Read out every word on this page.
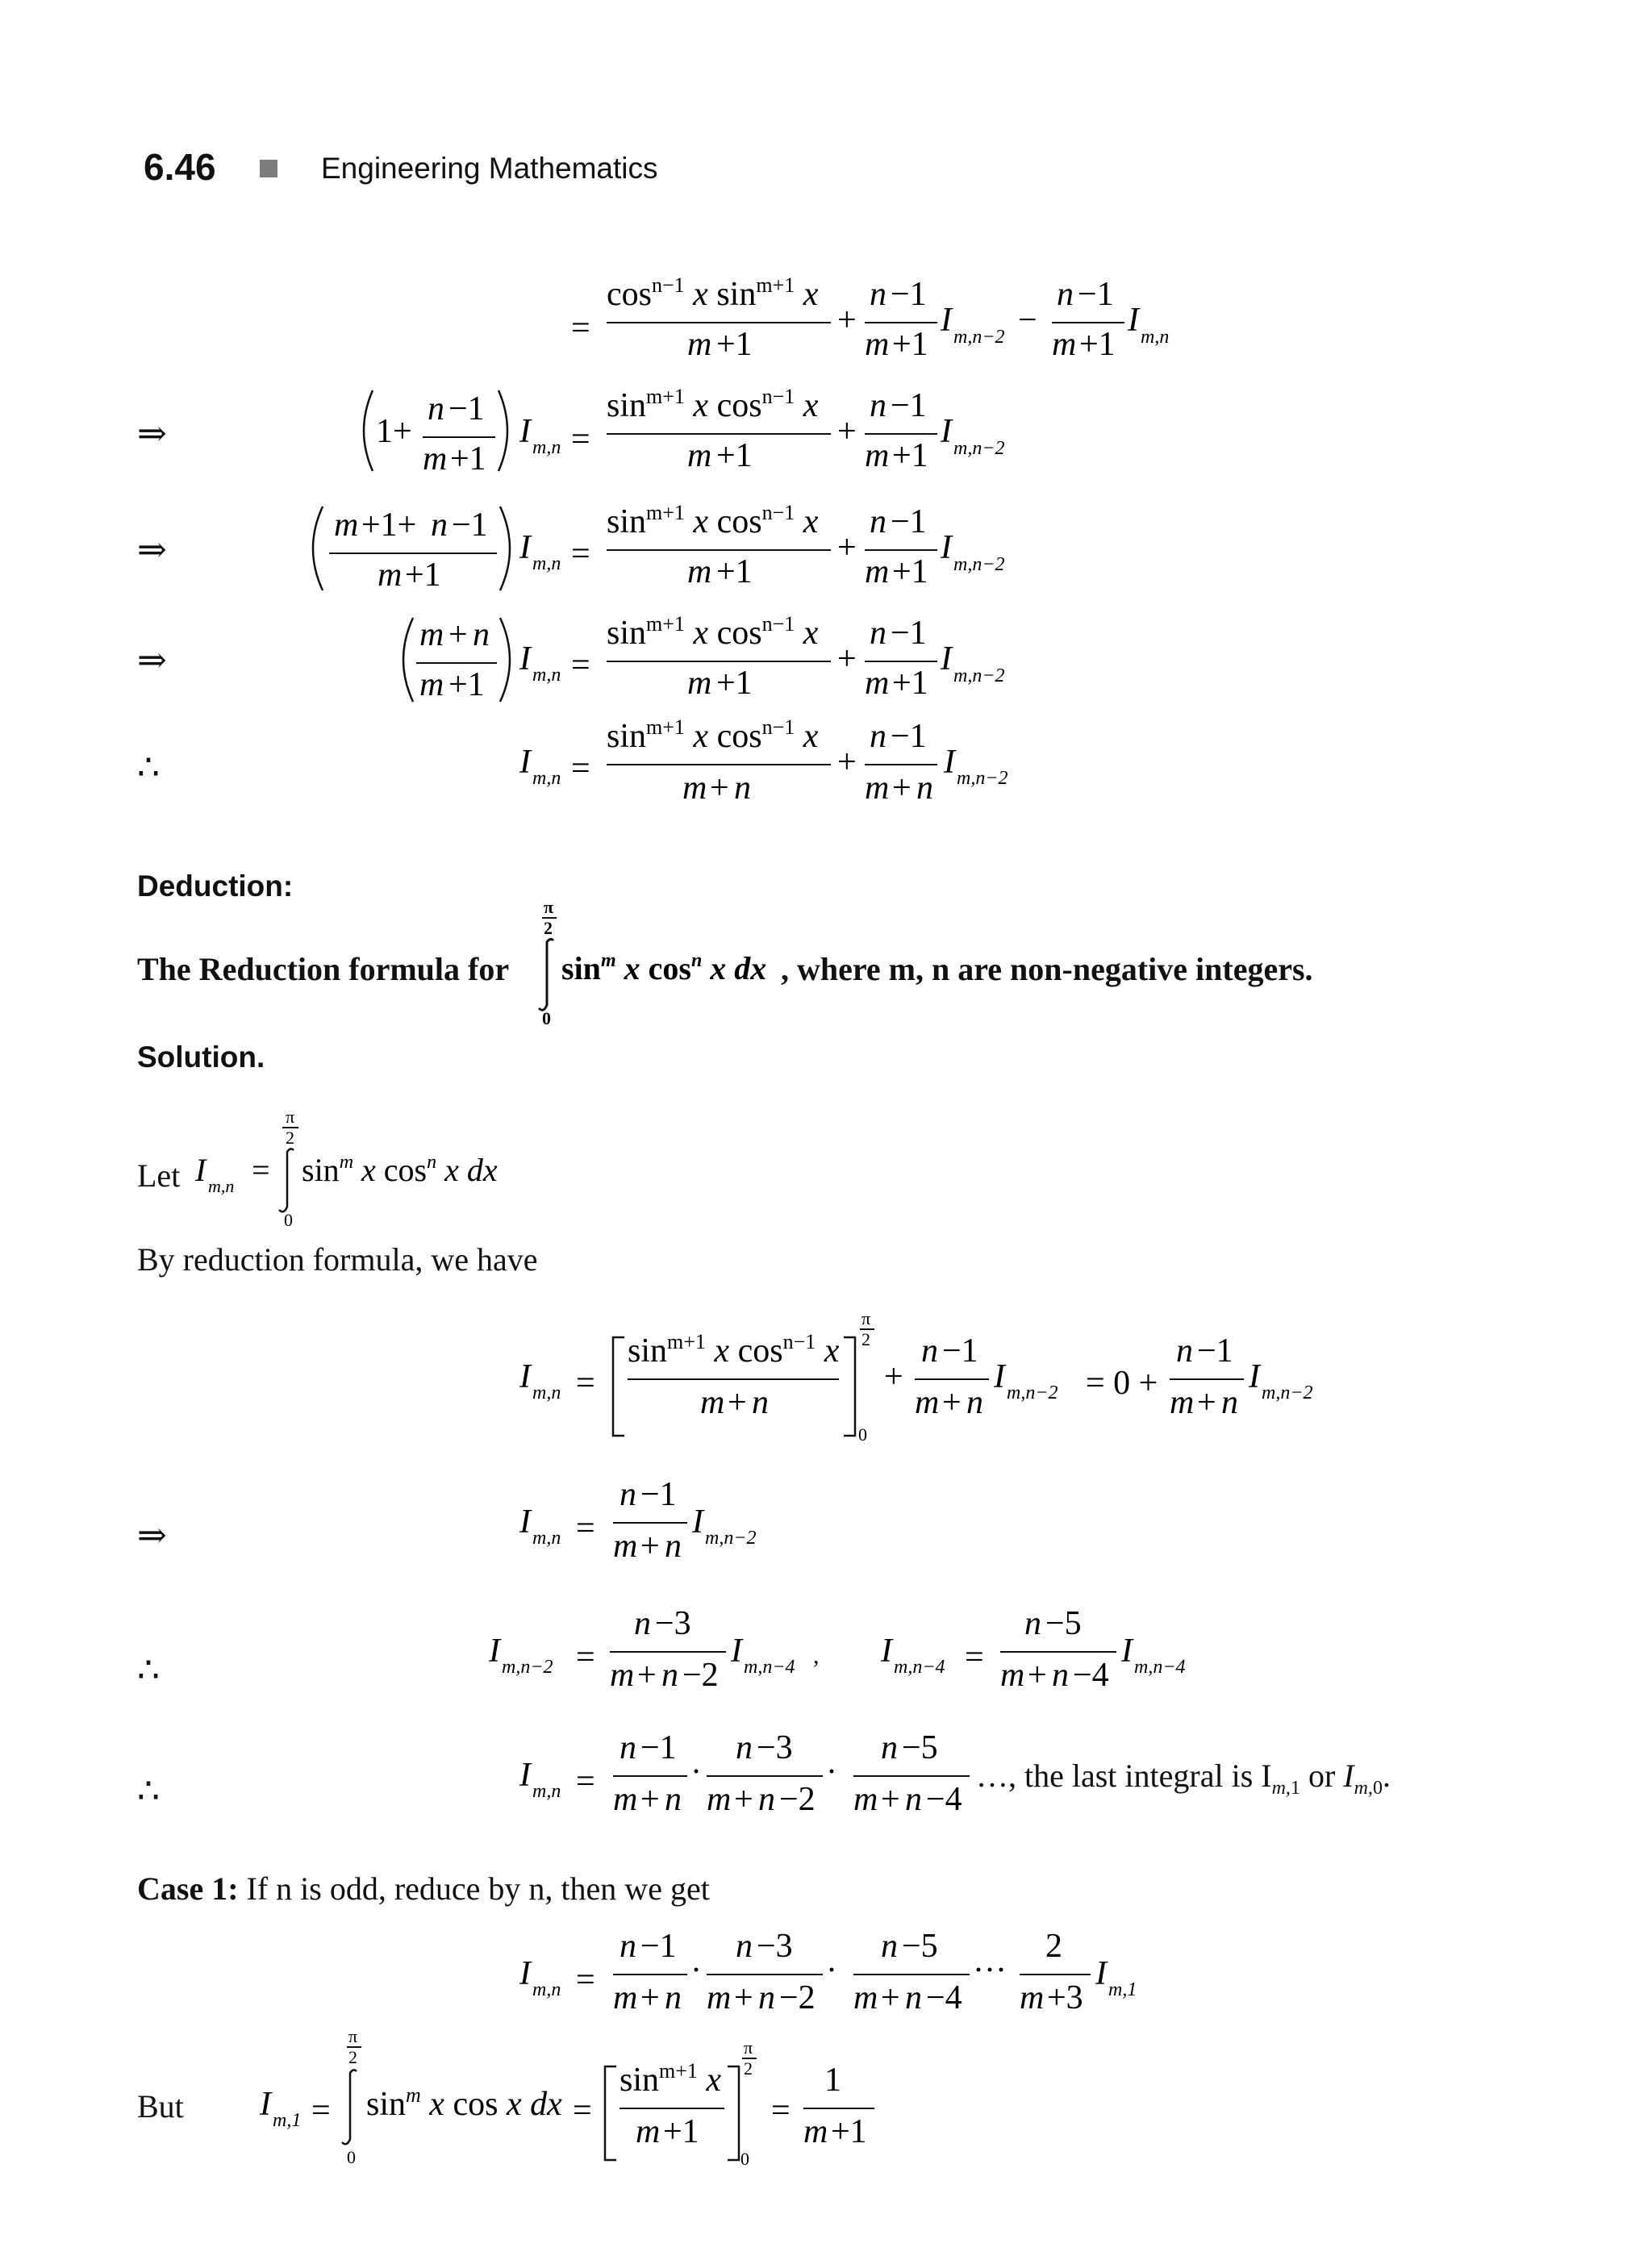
6.46	Engineering Mathematics
⇒
⇒
⇒
∴
⇒
∴
∴
=
$\cos^{n-1} x$ $\sin^{m+1} x$
m +1
+
n −1
m +1
I m,n−2 −
n −1
m +1
I m,n
1+
n −1
m +1
I m,n =
$\sin^{m+1} x$ $\cos^{n-1} x$
m +1
+
n −1
m +1
I m,n−2
m +1+ n −1
m +1
I m,n =
$\sin^{m+1} x$ $\cos^{n-1} x$
m +1
+
n −1
m +1
I m,n−2
m + n
m +1
I m,n =
$\sin^{m+1} x$ $\cos^{n-1} x$
m +1
+
n −1
m +1
I m,n−2
I m,n =
$\sin^{m+1} x$ $\cos^{n-1} x$
m + n
+
n −1
m + n
I m,n−2
Deduction:
The Reduction formula for
π
2
0
$\sin^m x$ $\cos^n x$ dx , where m, n are non-negative integers.
Solution.
Let I m,n =
π
2
0
$\sin^m x$ $\cos^n x$ dx
By reduction formula, we have
I m,n =
$\sin^{m+1} x$ $\cos^{n-1} x$
m + n
π
2
0
+
n −1
m + n
I m,n−2 = 0 +
n −1
m + n
I m,n−2
I m,n =
n −1
m + n
I m,n−2
I m,n−2 =
n −3
m + n −2
I m,n−4 , I m,n−4 =
n −5
m + n −4
I m,n−4
I m,n =
n −1
m + n
·
n −3
m + n −2
·
n −5
m + n −4
…, the last integral is $I_{m,1}$ or $I_{m,0}$.
Case 1: If n is odd, reduce by n, then we get
I m,n =
n −1
m + n
·
n −3
m + n −2
·
n −5
m + n −4
···
2
m +3
I m,1
But I m,1 =
π
2
0
$\sin^m x$ cos x dx =
$\sin^{m+1} x$
m +1
π
2
0
=
1
m +1
